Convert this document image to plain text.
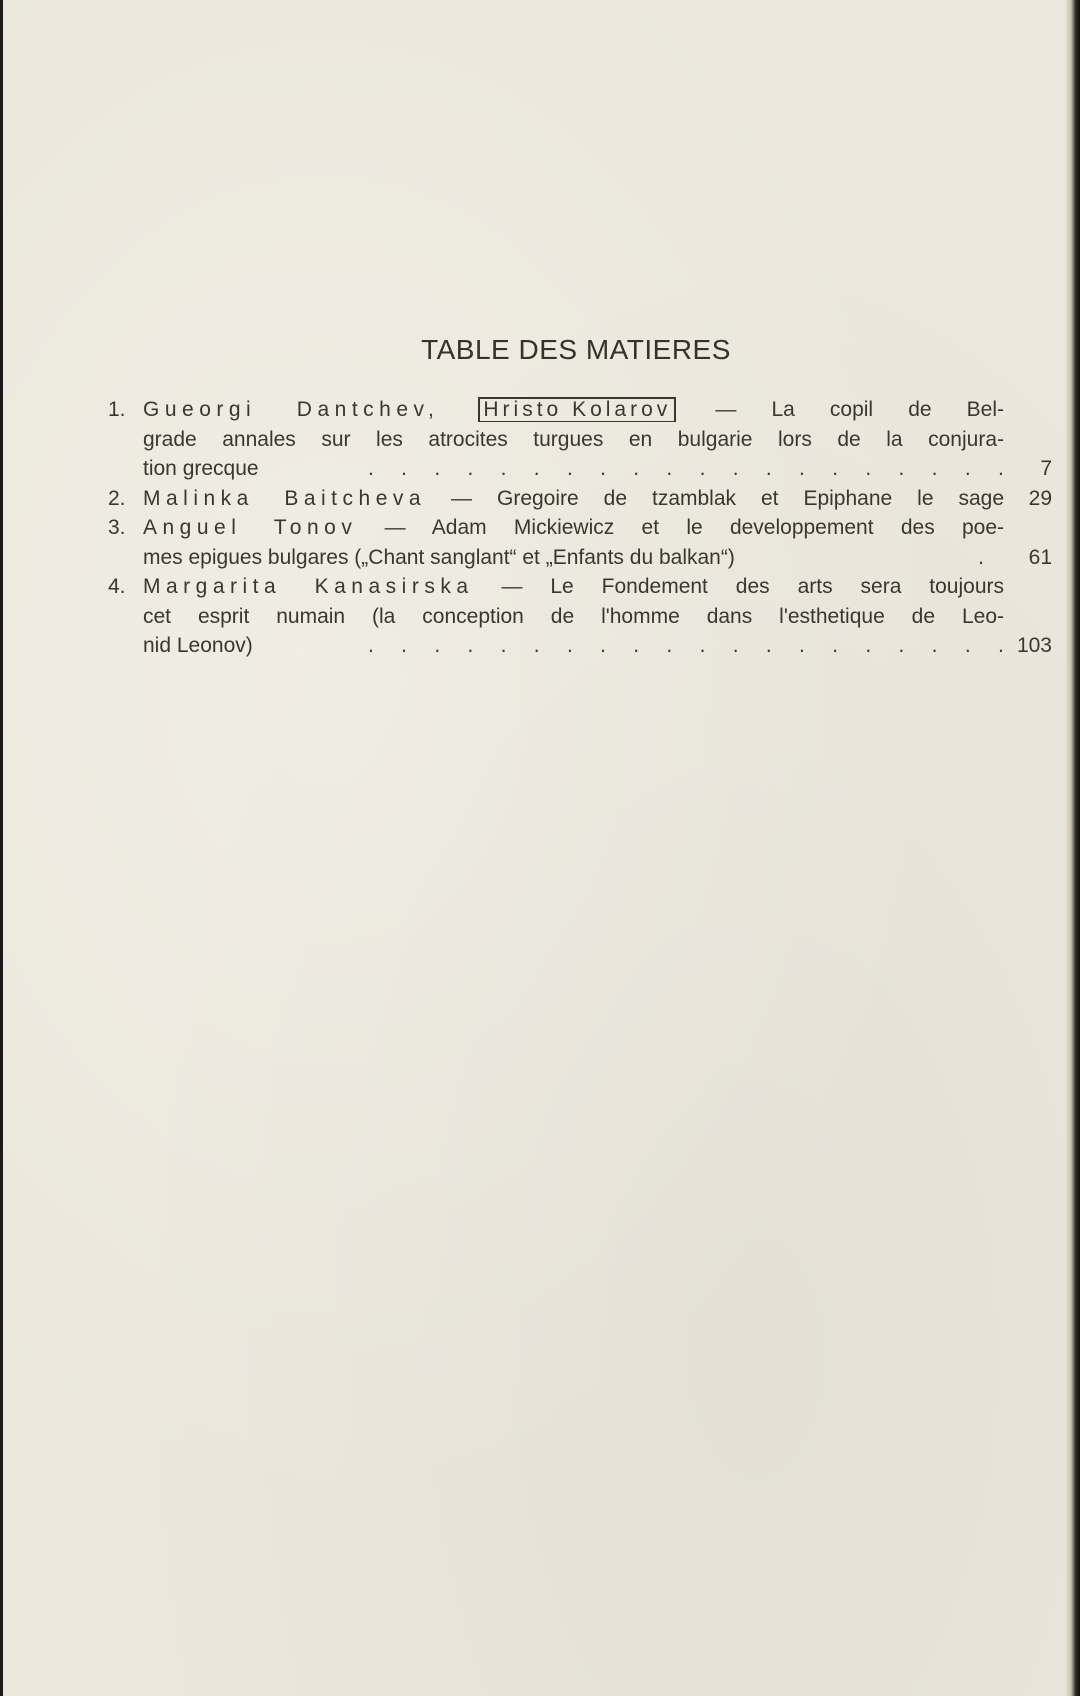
TABLE DES MATIERES
1. Gueorgi Dantchev, Hristo Kolarov — La copil de Bel-
grade annales sur les atrocites turgues en bulgarie lors de la conjura-
tion grecque	. . . . . . . . . . . . . . . . . . . .	7
2. Malinka Baitcheva — Gregoire de tzamblak et Epiphane le sage	29
3. Anguel Tonov — Adam Mickiewicz et le developpement des poe-
mes epigues bulgares („Chant sanglant“ et „Enfants du balkan“)	.	61
4. Margarita Kanasirska — Le Fondement des arts sera toujours
cet esprit numain (la conception de l'homme dans l'esthetique de Leo-
nid Leonov)	. . . . . . . . . . . . . . . . . . . . 103
